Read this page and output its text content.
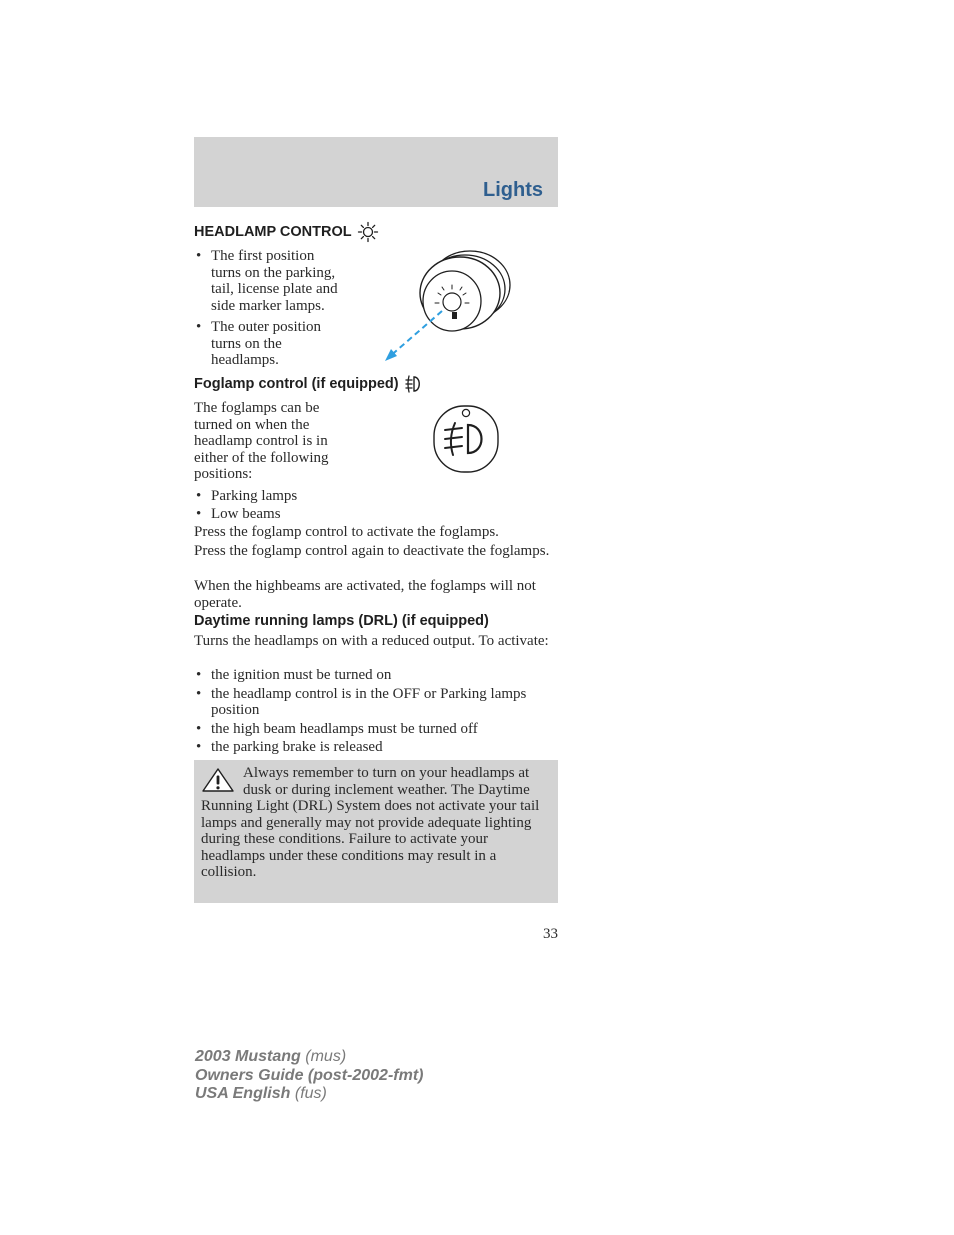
Lights
HEADLAMP CONTROL
• The first position
turns on the parking,
tail, license plate and
side marker lamps.
• The outer position
turns on the
headlamps.
Foglamp control (if equipped)
The foglamps can be
turned on when the
headlamp control is in
either of the following
positions:
• Parking lamps
• Low beams

Press the foglamp control to activate the foglamps.

Press the foglamp control again to deactivate the foglamps.

When the highbeams are activated, the foglamps will not operate.

Daytime running lamps (DRL) (if equipped)

Turns the headlamps on with a reduced output. To activate:

• the ignition must be turned on
• the headlamp control is in the OFF or Parking lamps position
• the high beam headlamps must be turned off
• the parking brake is released

Always remember to turn on your headlamps at dusk or during inclement weather. The Daytime Running Light (DRL) System does not activate your tail lamps and generally may not provide adequate lighting during these conditions. Failure to activate your headlamps under these conditions may result in a collision.

33

2003 Mustang (mus)
Owners Guide (post-2002-fmt)
USA English (fus)
